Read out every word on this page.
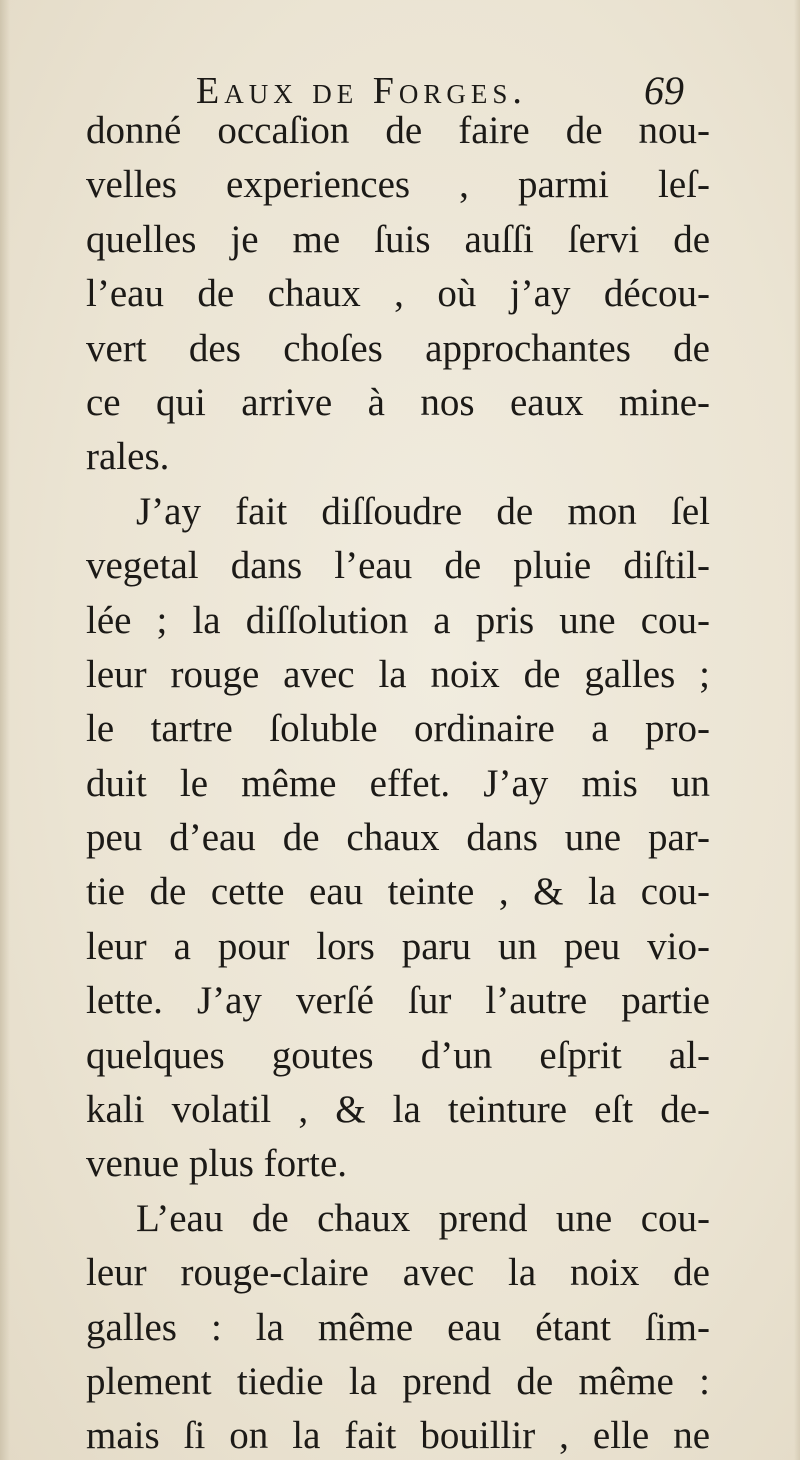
Eaux de Forges.	69
donné occaſion de faire de nou-
velles experiences , parmi leſ-
quelles je me ſuis auſſi ſervi de
l’eau de chaux , où j’ay décou-
vert des choſes approchantes de
ce qui arrive à nos eaux mine-
rales.
J’ay fait diſſoudre de mon ſel
vegetal dans l’eau de pluie diſtil-
lée ; la diſſolution a pris une cou-
leur rouge avec la noix de galles ;
le tartre ſoluble ordinaire a pro-
duit le même effet. J’ay mis un
peu d’eau de chaux dans une par-
tie de cette eau teinte , & la cou-
leur a pour lors paru un peu vio-
lette. J’ay verſé ſur l’autre partie
quelques goutes d’un eſprit al-
kali volatil , & la teinture eſt de-
venue plus forte.
L’eau de chaux prend une cou-
leur rouge-claire avec la noix de
galles : la même eau étant ſim-
plement tiedie la prend de même :
mais ſi on la fait bouillir , elle ne
